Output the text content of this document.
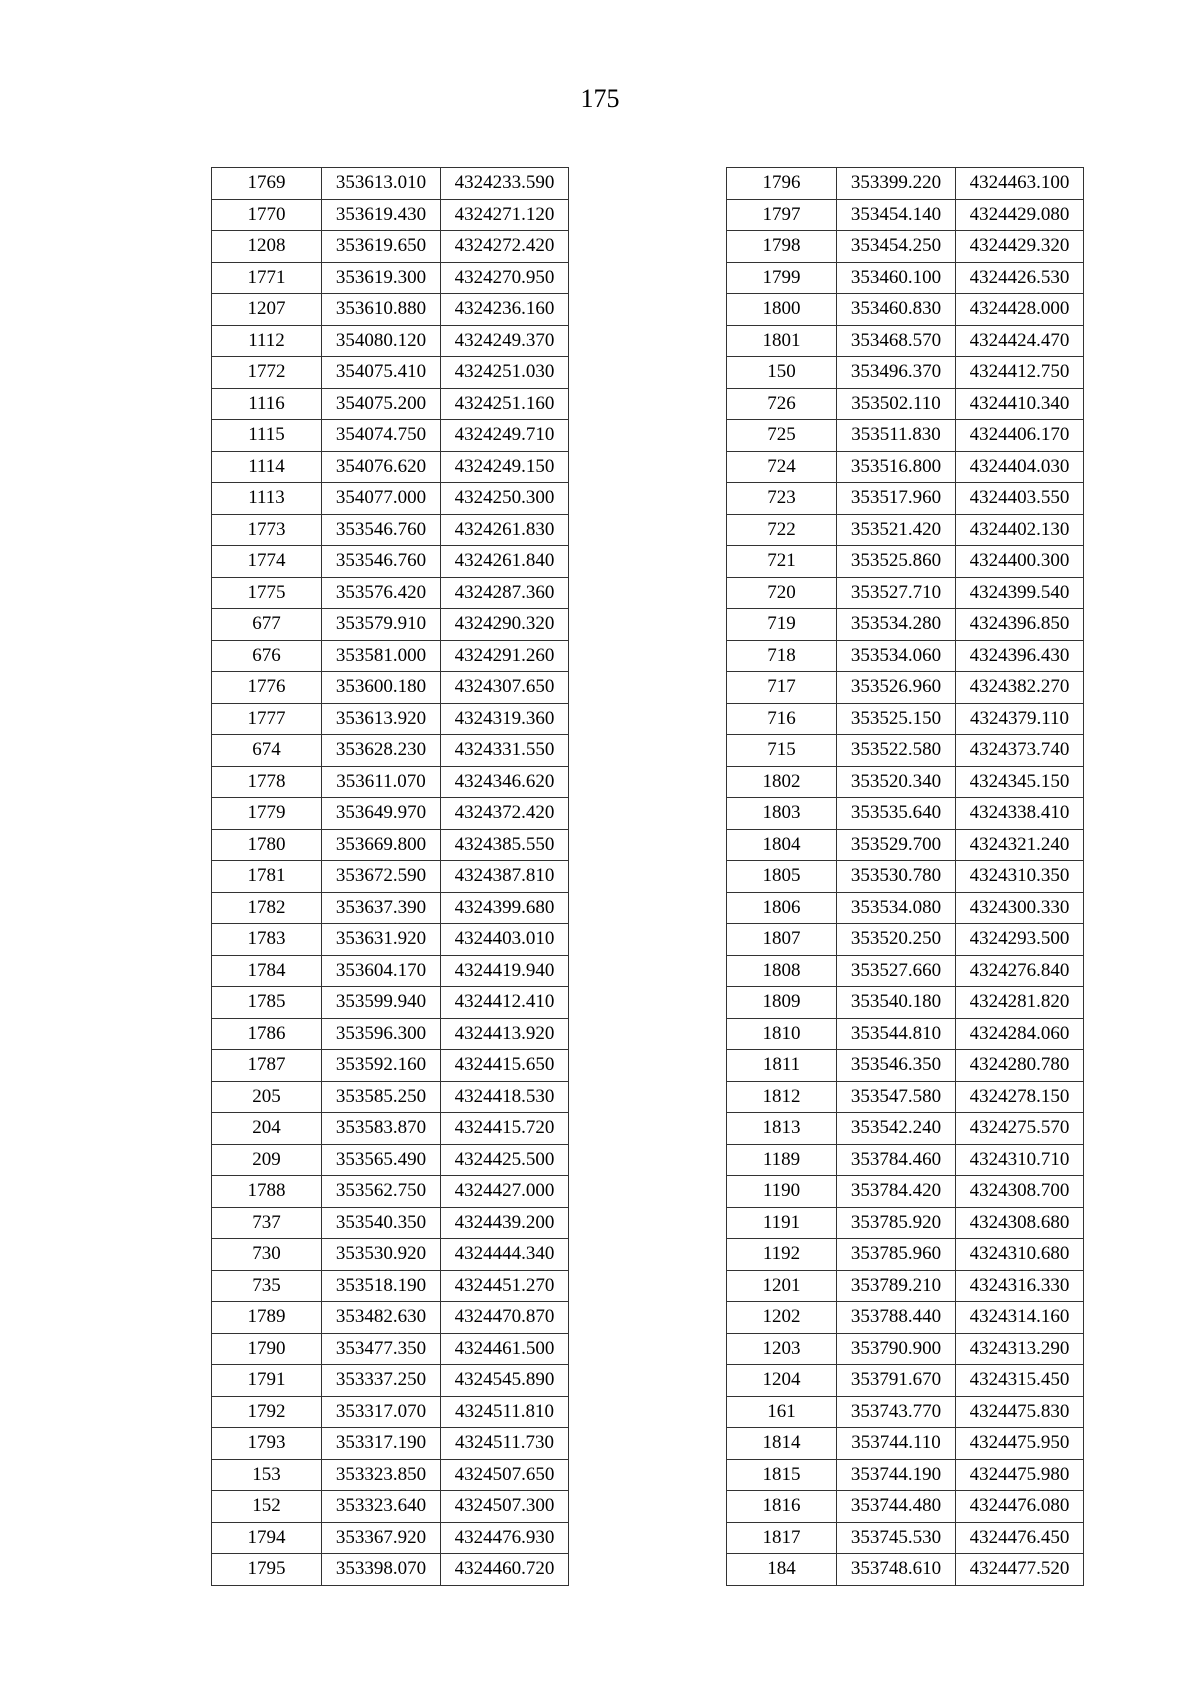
175
1769	353613.010	4324233.590
1770	353619.430	4324271.120
1208	353619.650	4324272.420
1771	353619.300	4324270.950
1207	353610.880	4324236.160
1112	354080.120	4324249.370
1772	354075.410	4324251.030
1116	354075.200	4324251.160
1115	354074.750	4324249.710
1114	354076.620	4324249.150
1113	354077.000	4324250.300
1773	353546.760	4324261.830
1774	353546.760	4324261.840
1775	353576.420	4324287.360
677	353579.910	4324290.320
676	353581.000	4324291.260
1776	353600.180	4324307.650
1777	353613.920	4324319.360
674	353628.230	4324331.550
1778	353611.070	4324346.620
1779	353649.970	4324372.420
1780	353669.800	4324385.550
1781	353672.590	4324387.810
1782	353637.390	4324399.680
1783	353631.920	4324403.010
1784	353604.170	4324419.940
1785	353599.940	4324412.410
1786	353596.300	4324413.920
1787	353592.160	4324415.650
205	353585.250	4324418.530
204	353583.870	4324415.720
209	353565.490	4324425.500
1788	353562.750	4324427.000
737	353540.350	4324439.200
730	353530.920	4324444.340
735	353518.190	4324451.270
1789	353482.630	4324470.870
1790	353477.350	4324461.500
1791	353337.250	4324545.890
1792	353317.070	4324511.810
1793	353317.190	4324511.730
153	353323.850	4324507.650
152	353323.640	4324507.300
1794	353367.920	4324476.930
1795	353398.070	4324460.720
1796	353399.220	4324463.100
1797	353454.140	4324429.080
1798	353454.250	4324429.320
1799	353460.100	4324426.530
1800	353460.830	4324428.000
1801	353468.570	4324424.470
150	353496.370	4324412.750
726	353502.110	4324410.340
725	353511.830	4324406.170
724	353516.800	4324404.030
723	353517.960	4324403.550
722	353521.420	4324402.130
721	353525.860	4324400.300
720	353527.710	4324399.540
719	353534.280	4324396.850
718	353534.060	4324396.430
717	353526.960	4324382.270
716	353525.150	4324379.110
715	353522.580	4324373.740
1802	353520.340	4324345.150
1803	353535.640	4324338.410
1804	353529.700	4324321.240
1805	353530.780	4324310.350
1806	353534.080	4324300.330
1807	353520.250	4324293.500
1808	353527.660	4324276.840
1809	353540.180	4324281.820
1810	353544.810	4324284.060
1811	353546.350	4324280.780
1812	353547.580	4324278.150
1813	353542.240	4324275.570
1189	353784.460	4324310.710
1190	353784.420	4324308.700
1191	353785.920	4324308.680
1192	353785.960	4324310.680
1201	353789.210	4324316.330
1202	353788.440	4324314.160
1203	353790.900	4324313.290
1204	353791.670	4324315.450
161	353743.770	4324475.830
1814	353744.110	4324475.950
1815	353744.190	4324475.980
1816	353744.480	4324476.080
1817	353745.530	4324476.450
184	353748.610	4324477.520
